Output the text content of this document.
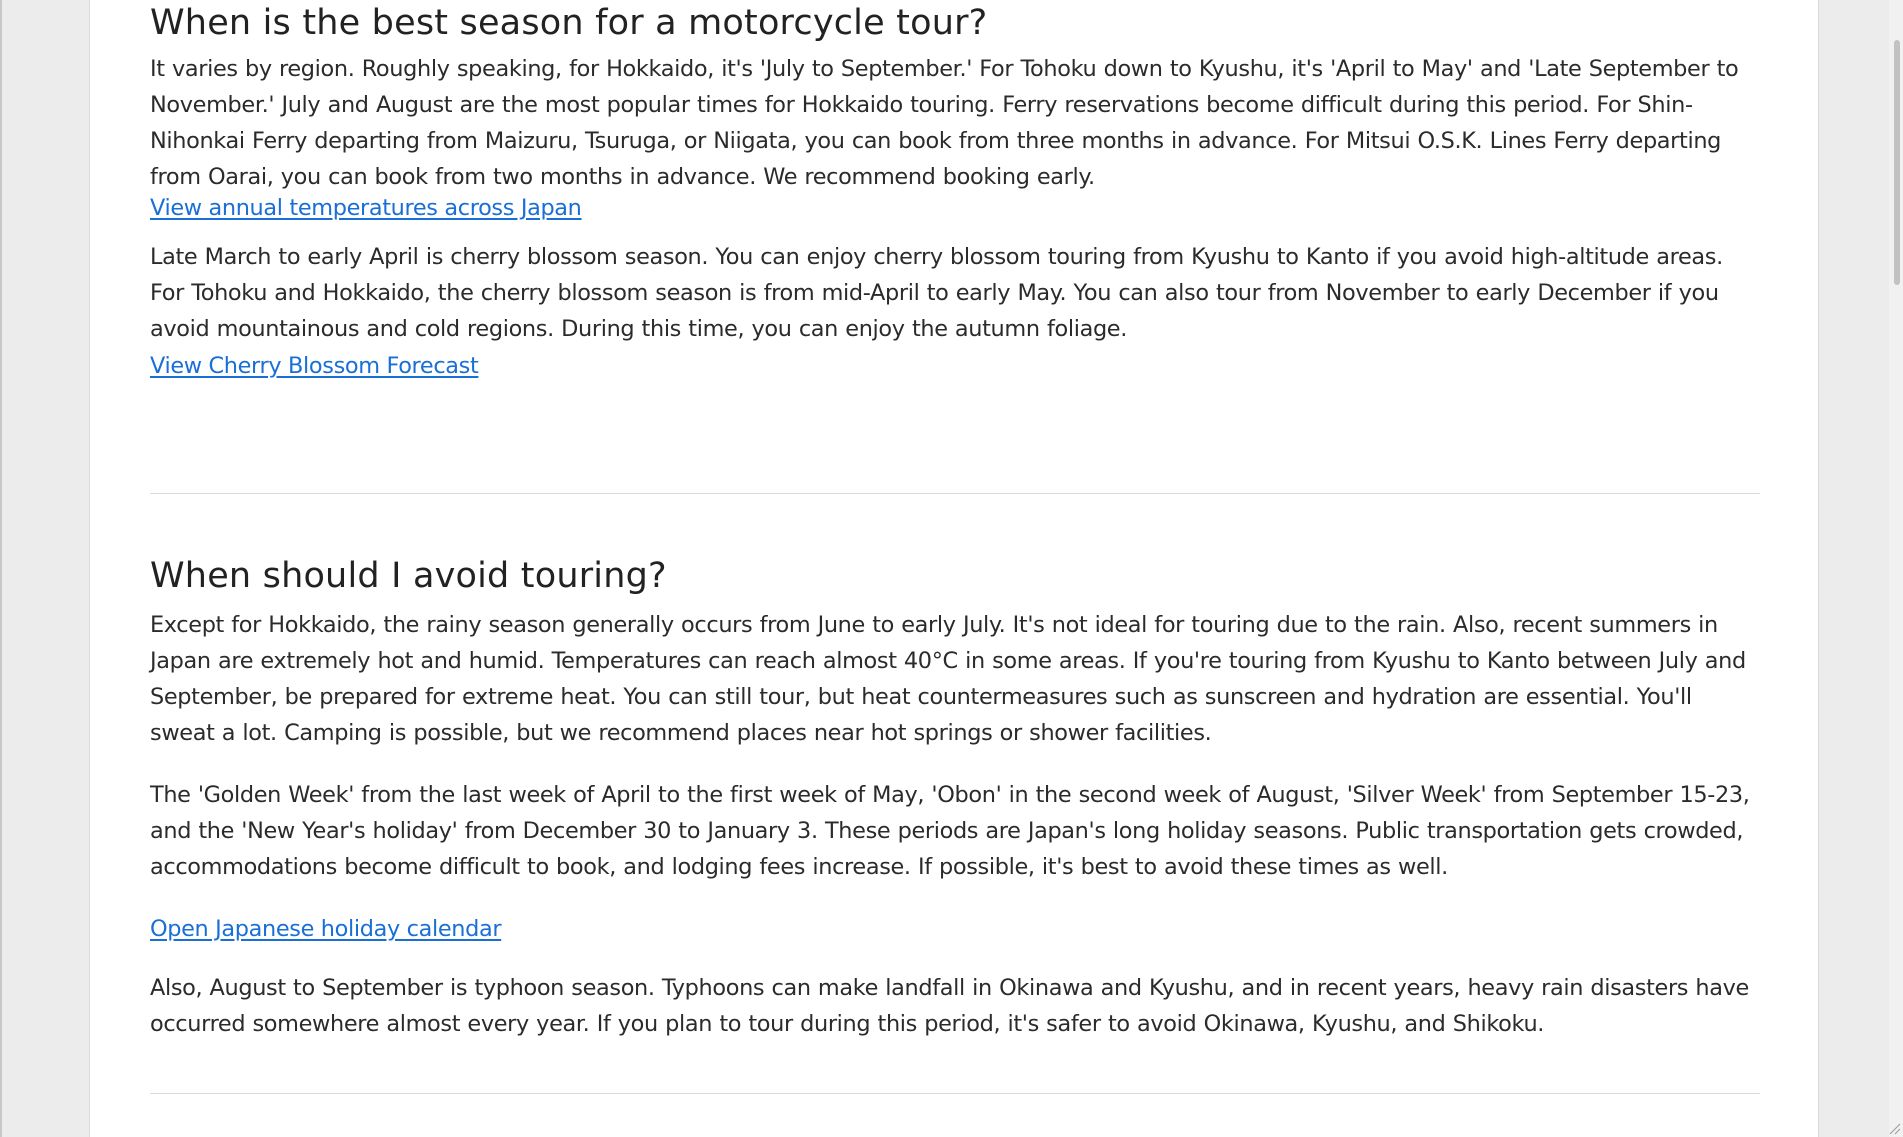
When is the best season for a motorcycle tour?

It varies by region. Roughly speaking, for Hokkaido, it's 'July to September.' For Tohoku down to Kyushu, it's 'April to May' and 'Late September to November.' July and August are the most popular times for Hokkaido touring. Ferry reservations become difficult during this period. For Shin-Nihonkai Ferry departing from Maizuru, Tsuruga, or Niigata, you can book from three months in advance. For Mitsui O.S.K. Lines Ferry departing from Oarai, you can book from two months in advance. We recommend booking early.

View annual temperatures across Japan

Late March to early April is cherry blossom season. You can enjoy cherry blossom touring from Kyushu to Kanto if you avoid high-altitude areas. For Tohoku and Hokkaido, the cherry blossom season is from mid-April to early May. You can also tour from November to early December if you avoid mountainous and cold regions. During this time, you can enjoy the autumn foliage.

View Cherry Blossom Forecast
When should I avoid touring?

Except for Hokkaido, the rainy season generally occurs from June to early July. It's not ideal for touring due to the rain. Also, recent summers in Japan are extremely hot and humid. Temperatures can reach almost 40°C in some areas. If you're touring from Kyushu to Kanto between July and September, be prepared for extreme heat. You can still tour, but heat countermeasures such as sunscreen and hydration are essential. You'll sweat a lot. Camping is possible, but we recommend places near hot springs or shower facilities.

The 'Golden Week' from the last week of April to the first week of May, 'Obon' in the second week of August, 'Silver Week' from September 15-23, and the 'New Year's holiday' from December 30 to January 3. These periods are Japan's long holiday seasons. Public transportation gets crowded, accommodations become difficult to book, and lodging fees increase. If possible, it's best to avoid these times as well.

Open Japanese holiday calendar

Also, August to September is typhoon season. Typhoons can make landfall in Okinawa and Kyushu, and in recent years, heavy rain disasters have occurred somewhere almost every year. If you plan to tour during this period, it's safer to avoid Okinawa, Kyushu, and Shikoku.
